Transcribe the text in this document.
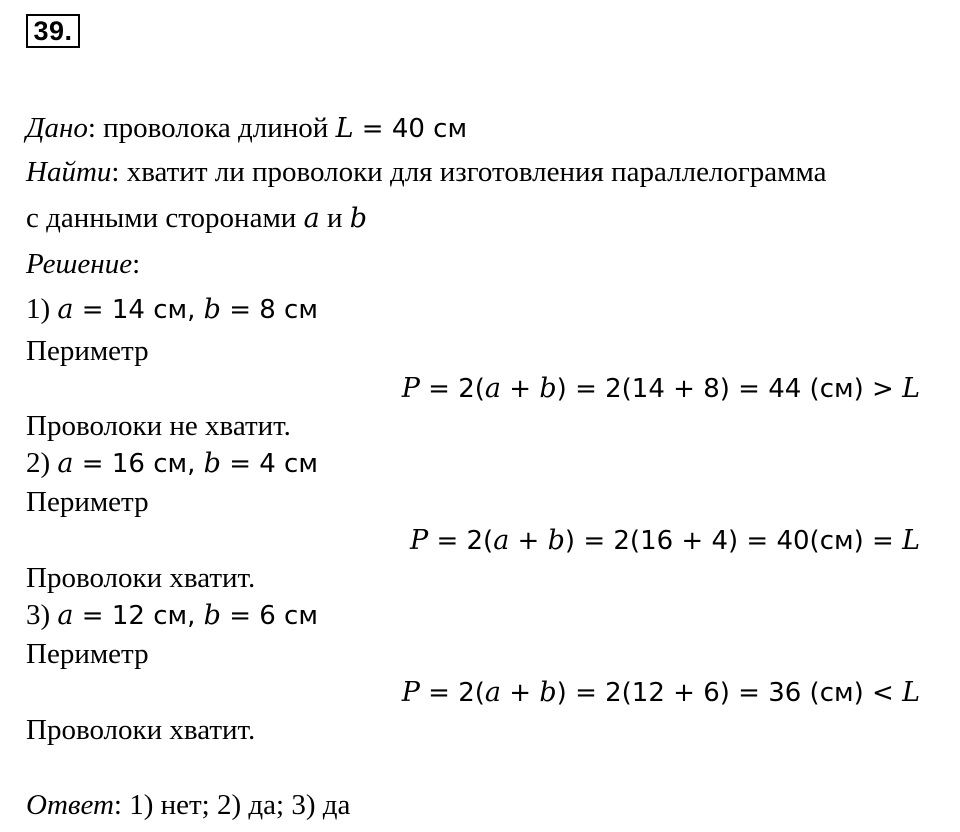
39.
Дано: проволока длиной L = 40 см
Найти: хватит ли проволоки для изготовления параллелограмма
с данными сторонами a и b
Решение:
1) a = 14 см, b = 8 см
Периметр
P = 2(a + b) = 2(14 + 8) = 44 (см) > L
Проволоки не хватит.
2) a = 16 см, b = 4 см
Периметр
P = 2(a + b) = 2(16 + 4) = 40(см) = L
Проволоки хватит.
3) a = 12 см, b = 6 см
Периметр
P = 2(a + b) = 2(12 + 6) = 36 (см) < L
Проволоки хватит.
Ответ: 1) нет; 2) да; 3) да
